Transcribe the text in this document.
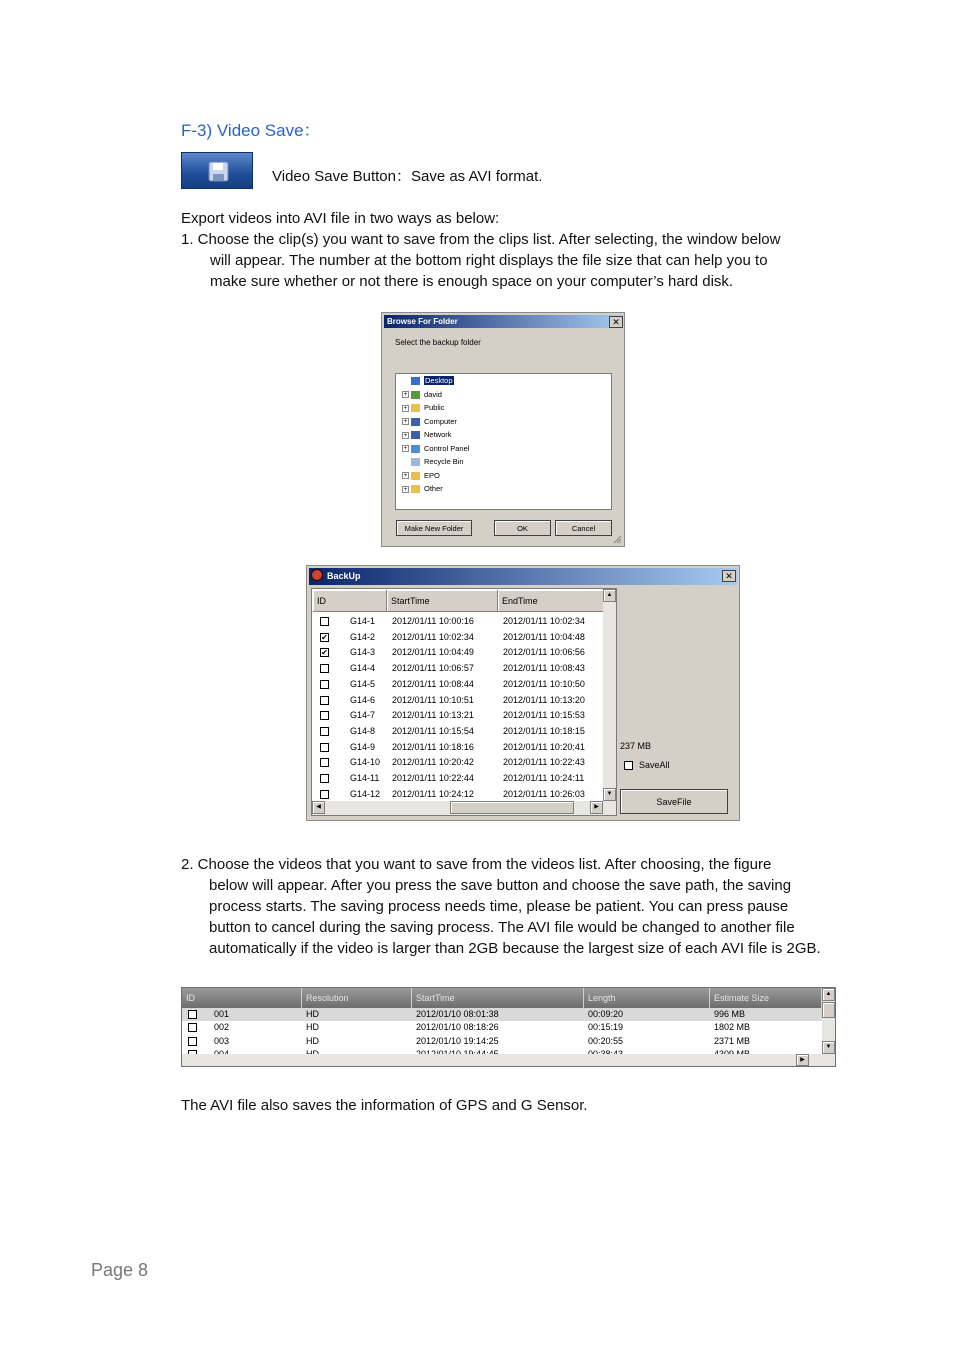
F-3) Video Save：
Video Save Button：Save as AVI format.
Export videos into AVI file in two ways as below:
1. Choose the clip(s) you want to save from the clips list. After selecting, the window below
will appear. The number at the bottom right displays the file size that can help you to
make sure whether or not there is enough space on your computer’s hard disk.
Browse For Folder	✕
Select the backup folder
Desktop
+ david
+ Public
+ Computer
+ Network
+ Control Panel
Recycle Bin
+ EPO
+ Other
Make New Folder	OK	Cancel
BackUp	✕
ID	StartTime	EndTime
G14-1 2012/01/11 10:00:16	2012/01/11 10:02:34
✔ G14-2 2012/01/11 10:02:34	2012/01/11 10:04:48
✔ G14-3 2012/01/11 10:04:49	2012/01/11 10:06:56
G14-4 2012/01/11 10:06:57	2012/01/11 10:08:43
G14-5 2012/01/11 10:08:44	2012/01/11 10:10:50
G14-6 2012/01/11 10:10:51	2012/01/11 10:13:20
G14-7 2012/01/11 10:13:21	2012/01/11 10:15:53
G14-8 2012/01/11 10:15:54	2012/01/11 10:18:15
G14-9 2012/01/11 10:18:16	2012/01/11 10:20:41
G14-10 2012/01/11 10:20:42	2012/01/11 10:22:43
G14-11 2012/01/11 10:22:44	2012/01/11 10:24:11
G14-12 2012/01/11 10:24:12	2012/01/11 10:26:03
▲
▼
◀	▶
237 MB
SaveAll
SaveFile
2. Choose the videos that you want to save from the videos list. After choosing, the figure
below will appear. After you press the save button and choose the save path, the saving
process starts. The saving process needs time, please be patient. You can press pause
button to cancel during the saving process. The AVI file would be changed to another file
automatically if the video is larger than 2GB because the largest size of each AVI file is 2GB.
ID	Resolution	StartTime	Length	Estimate Size
001	HD	2012/01/10 08:01:38	00:09:20	996 MB
002	HD	2012/01/10 08:18:26	00:15:19	1802 MB
003	HD	2012/01/10 19:14:25	00:20:55	2371 MB
▲
▼
▶
The AVI file also saves the information of GPS and G Sensor.
Page 8
